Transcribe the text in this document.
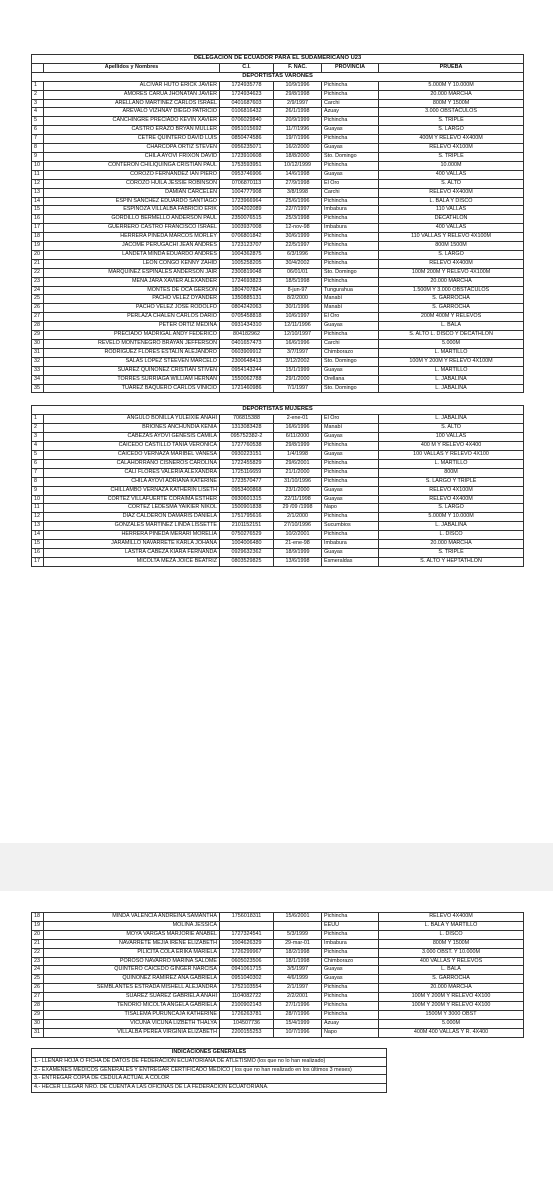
DELEGACIÓN DE ECUADOR PARA EL SUDAMERICANO U23					
	Apellidos y Nombres	C.I.	F. NAC.	PROVINCIA	PRUEBA
DEPORTISTAS VARONES					
1	ALCIVAR HUTO ERICK JAVIER	1724935778	10/9/1996	Pichincha	5.000M Y 10.000M
2	AMORES CARUA JHONATAN JAVIER	1724934623	29/8/1998	Pichincha	20.000 MARCHA
3	ARELLANO MARTINEZ CARLOS ISRAEL	0401687603	2/9/1997	Carchi	800M Y 1500M
4	ARÉVALO VIZHÑAY DIEGO PATRICIO	0106816432	26/1/1998	Azuay	3.000 OBSTÁCULOS
5	CANCHINGRE PRECIADO KEVIN XAVIER	0706029840	20/9/1999	Pichincha	S. TRIPLE
6	CASTRO ERAZO BRYAN MULLER	0951015692	11/7/1996	Guayas	S. LARGO
7	CETRE QUINTERO DAVID LUIS	0850474586	19/7/1996	Pichincha	400M Y RELEVO 4X400M
8	CHARCOPA ORTIZ STEVEN	0956235071	16/2/2000	Guayas	RELEVO 4X100M
9	CHILA AYOVI FRIXON DAVID	1723910608	18/8/2000	Sto. Domingo	S. TRIPLE
10	CONTERON CHILIQUINGA CRISTIAN PAUL	1753593951	10/12/1999	Pichincha	10.000M
11	COROZO FERNANDEZ IAN PIERO	0953746906	14/6/1998	Guayas	400 VALLAS
12	COROZO HUILA JESSIE ROBINSON	0706870113	27/9/1998	El Oro	S. ALTO
13	DAMIAN CARCELEN	1004777908	3/8/1998	Carchi	RELEVO 4X400M
14	ESPÍN SANCHEZ EDUARDO SANTIAGO	1723966964	25/6/1996	Pichincha	L. BALA Y DISCO
15	ESPINOZA VILLALBA FABRICIO ERIK	1004202089	22/7/1997	Imbabura	110 VALLAS
16	GORDILLO BERMELLO ANDERSON PAUL	2350076515	25/3/1998	Pichincha	DECATHLÓN
17	GUERRERO CASTRO FRANCISCO ISRAEL	1003937008	12-nov-98	Imbabura	400 VALLAS
18	HERRERA PINEDA MARCOS MORLEY	0706801842	30/6/1999	Pichincha	110 VALLAS Y RELEVO 4X100M
19	JACOME PERUGACHI JEAN ANDRES	1723123707	22/5/1997	Pichincha	800M 1500M
20	LANDETA MINDA EDUARDO ANDRES	1004362875	6/3/1996	Pichincha	S. LARGO
21	LEON CONGO KENNY ZAHID	1005258205	30/4/2002	Pichincha	RELEVO 4X400M
22	MARQUINEZ ESPINALES ANDERSÓN JAIR	2300819048	06/01/01	Sto. Domingo	100M 200M Y RELEVO 4X100M
23	MENA JARA XAVIER ALEXANDER	1724693823	18/5/1998	Pichincha	20.000 MARCHA
24	MONTES DE OCA GERSÓN	1804707824	8-jun-97	Tungurahua	1.500M Y 3.000 OBSTÁCULOS
25	PACHO VELEZ DYANDER	1350885131	8/2/2000	Manabí	S. GARROCHA
26	PACHO VELEZ JOSÉ RODOLFO	0804242063	30/1/1996	Manabí	S. GARROCHA
27	PERLAZA CHALEN CARLOS DARIO	0705458818	10/6/1997	El Oro	200M 400M Y RELEVOS
28	PETER ORTIZ MEDINA	0931434310	12/11/1996	Guayas	L. BALA
29	PRECIADO MADRIGAL ANDY FEDERICO	804182962	12/10/1997	Pichincha	S. ALTO L. DISCO Y DECATHLÓN
30	REVELO MONTENEGRO BRAYAN JEFFERSÓN	0401657473	16/6/1996	Carchi	5.000M
31	RODRIGUEZ FLORES ESTALIN ALEJANDRO	0603909912	3/7/1997	Chimborazo	L. MARTILLO
32	SALAS LÓPEZ STEEVEN MARCELO	2300648413	3/12/2002	Sto. Domingo	100M Y 200M Y RELEVO 4X100M
33	SUAREZ QUIÑONEZ CRISTIAN STIVEN	0954143244	15/1/1999	Guayas	L. MARTILLO
34	TORRES SURRIAGA WILLIAM HERNAN	1550062788	29/1/2000	Orellana	L. JABALINA
35	TUAREZ BAQUERO CARLOS VINICIO	1721460986	7/1/1997	Sto. Domingo	L. JABALINA

DEPORTISTAS MUJERES					
1	ANGULO BONILLA YULEIXIE ANAHÍ	706815388	2-ene-01	El Oro	L. JABALINA
2	BRIONES ANCHUNDIA KENIA	1313083428	16/6/1996	Manabí	S. ALTO
3	CABEZAS AYOVI GENESIS CAMILA	095752382-2	6/11/2000	Guayas	100 VALLAS
4	CAICEDO CASTILLO TANIA VERONICA	1727760538	29/8/1999	Pichincha	400 M Y RELEVO 4X400
5	CAICEDO VERNAZA MARIBEL VANESA	0930223151	1/4/1998	Guayas	100 VALLAS Y RELEVO 4X100
6	CALAHORRANO CISNEROS CAROLINA	1722455829	29/6/2001	Pichincha	L. MARTILLO
7	CALI FLORES VALERIA ALEXANDRA	1725116659	21/1/2000	Pichincha	800M
8	CHILA AYOVI ADRIANA KATERINE	1723570477	31/10/1996	Pichincha	S. LARGO Y TRIPLE
9	CHILLAMBO VERNAZA KATHERIN LISETH	0953400868	23/1/2000	Guayas	RELEVO 4X100M
10	CORTEZ VILLAFUERTE CORAIMA ESTHER	0930601315	22/11/1998	Guayas	RELEVO 4X400M
11	CORTEZ LEDESMA YAIKIER NIKOL	1500901838	29 /09 /1998	Napo	S. LARGO
12	DIAZ CALDERON DAMARIS DANIELA	1751795616	2/1/2000	Pichincha	5.000M Y 10.000M
13	GONZALES MARTINEZ LINDA LISSETTE	2101152151	27/10/1996	Sucumbios	L. JABALINA
14	HERRERA PINEDA MERARI MORELIA	0750276529	10/2/2001	Pichincha	L. DISCO
15	JARAMILLO NAVARRETE KARLA JOHANA	1004006480	21-ene-98	Imbabura	20.000 MARCHA
16	LASTRA CABEZA KIARA FERNANDA	0929632362	18/9/1999	Guayas	S. TRIPLE
17	MICOLTA MEZA JOICE BEATRIZ	0803529825	13/6/1998	Esmeraldas	S. ALTO Y HEPTATHLÓN
18	MINDA VALENCIA ANDREINA SAMANTHA	1756018311	15/6/2001	Pichincha	RELEVO 4X400M
19	MOLINA JESSICA			EEUU	L. BALA Y MARTILLO
20	MOYA VARGAS MARJORIE ANABEL	1727324541	5/3/1999	Pichincha	L. DISCO
21	NAVARRETE MEJIA IRENE ELIZABETH	1004626329	29-mar-01	Imbabura	800M Y 1500M
22	PILICITA COLA ERIKA MARIELA	1726299967	18/2/1998	Pichincha	3.000 OBST. Y 10.000M
23	POROSO NAVARRO MARINA SALOME	0605023506	18/1/1998	Chimborazo	400 VALLAS Y RELEVOS
24	QUINTERO CAICEDO GINGER NARCISA	0941061715	3/5/1997	Guayas	L. BALA
25	QUIÑONEZ RAMIREZ ANA GABRIELA	0951040302	4/6/1999	Guayas	S. GARROCHA
26	SEMBLANTES ESTRADA MISHELL ALEJANDRA	1752103554	2/1/1997	Pichincha	20.000 MARCHA
27	SUAREZ SUAREZ GABRIELA ANAHÍ	1104082722	2/2/2001	Pichincha	100M Y 200M Y RELEVO 4X100
28	TENORIO MICOLTA ANGELA GABRIELA	2100902143	27/1/1996	Pichincha	100M Y 200M Y RELEVO 4X100
29	TISALEMA PURUNCAJA KATHERINE	1726263781	28/7/1996	Pichincha	1500M Y 3000 OBST
30	VICUÑA VICUÑA LIZBETH THALYA	104507736	15/4/1999	Azuay	5.000M
31	VILLALBA PEREA VIRGINIA ELIZABETH	2200155253	10/7/1996	Napo	400M 400 VALLAS Y R. 4X400
INDICACIONES GENERALES
1.- LLENAR HOJA O FICHA DE DATOS DE FEDERACIÓN ECUATORIANA DE ATLETISMO (los que no lo han realizado)
2.- EXÁMENES MÉDICOS GENERALES Y ENTREGAR CERTIFICADO MÉDICO ( los que no han realizado en los últimos 3 meses)
3.- ENTREGAR COPIA DE CÉDULA ACTUAL A COLOR
4.- HECER LLEGAR NRO. DE CUENTA A LAS OFICINAS DE LA FEDERACIÓN ECUATORIANA.
